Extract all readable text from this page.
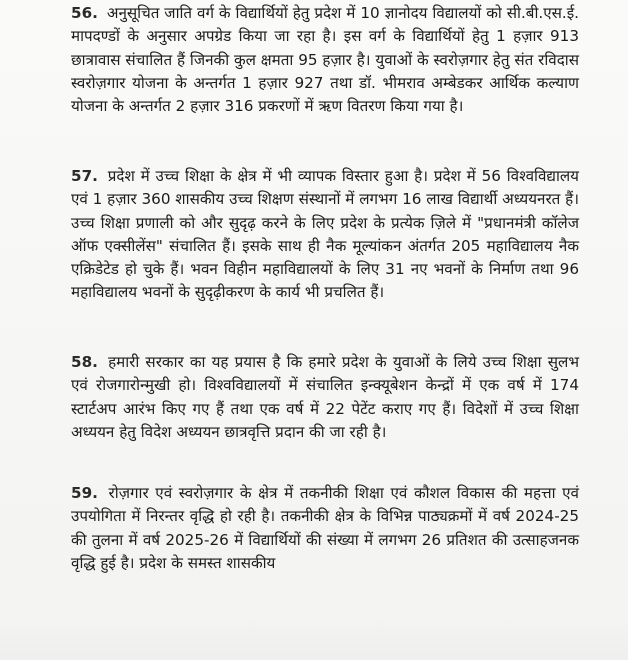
56. अनुसूचित जाति वर्ग के विद्यार्थियों हेतु प्रदेश में 10 ज्ञानोदय विद्यालयों को सी.बी.एस.ई. मापदण्डों के अनुसार अपग्रेड किया जा रहा है। इस वर्ग के विद्यार्थियों हेतु 1 हज़ार 913 छात्रावास संचालित हैं जिनकी कुल क्षमता 95 हज़ार है। युवाओं के स्वरोज़गार हेतु संत रविदास स्वरोज़गार योजना के अन्तर्गत 1 हज़ार 927 तथा डॉ. भीमराव अम्बेडकर आर्थिक कल्याण योजना के अन्तर्गत 2 हज़ार 316 प्रकरणों में ऋण वितरण किया गया है।

57. प्रदेश में उच्च शिक्षा के क्षेत्र में भी व्यापक विस्तार हुआ है। प्रदेश में 56 विश्वविद्यालय एवं 1 हज़ार 360 शासकीय उच्च शिक्षण संस्थानों में लगभग 16 लाख विद्यार्थी अध्ययनरत हैं। उच्च शिक्षा प्रणाली को और सुदृढ़ करने के लिए प्रदेश के प्रत्येक ज़िले में "प्रधानमंत्री कॉलेज ऑफ एक्सीलेंस" संचालित हैं। इसके साथ ही नैक मूल्यांकन अंतर्गत 205 महाविद्यालय नैक एक्रिडेटेड हो चुके हैं। भवन विहीन महाविद्यालयों के लिए 31 नए भवनों के निर्माण तथा 96 महाविद्यालय भवनों के सुदृढ़ीकरण के कार्य भी प्रचलित हैं।

58. हमारी सरकार का यह प्रयास है कि हमारे प्रदेश के युवाओं के लिये उच्च शिक्षा सुलभ एवं रोजगारोन्मुखी हो। विश्वविद्यालयों में संचालित इन्क्यूबेशन केन्द्रों में एक वर्ष में 174 स्टार्टअप आरंभ किए गए हैं तथा एक वर्ष में 22 पेटेंट कराए गए हैं। विदेशों में उच्च शिक्षा अध्ययन हेतु विदेश अध्ययन छात्रवृत्ति प्रदान की जा रही है।

59. रोज़गार एवं स्वरोज़गार के क्षेत्र में तकनीकी शिक्षा एवं कौशल विकास की महत्ता एवं उपयोगिता में निरन्तर वृद्धि हो रही है। तकनीकी क्षेत्र के विभिन्न पाठ्यक्रमों में वर्ष 2024-25 की तुलना में वर्ष 2025-26 में विद्यार्थियों की संख्या में लगभग 26 प्रतिशत की उत्साहजनक वृद्धि हुई है। प्रदेश के समस्त शासकीय
